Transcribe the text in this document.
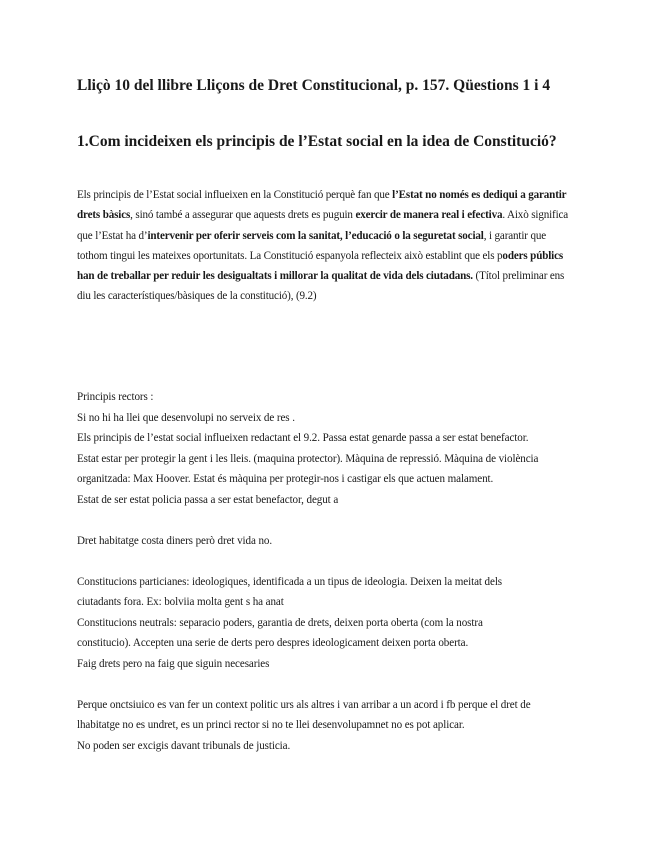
Lliçò 10 del llibre Lliçons de Dret Constitucional, p. 157. Qüestions 1 i 4
1.Com incideixen els principis de l’Estat social en la idea de Constitució?
Els principis de l’Estat social influeixen en la Constitució perquè fan que l’Estat no només es dediqui a garantir drets bàsics, sinó també a assegurar que aquests drets es puguin exercir de manera real i efectiva. Això significa que l’Estat ha d’intervenir per oferir serveis com la sanitat, l’educació o la seguretat social, i garantir que tothom tingui les mateixes oportunitats. La Constitució espanyola reflecteix això establint que els poders públics han de treballar per reduir les desigualtats i millorar la qualitat de vida dels ciutadans. (Títol preliminar ens diu les característiques/bàsiques de la constitució), (9.2)
Principis rectors :
Si no hi ha llei que desenvolupi no serveix de res .
Els principis de l’estat social influeixen redactant el 9.2. Passa estat genarde passa a ser estat benefactor.
Estat estar per protegir la gent i les lleis. (maquina protector). Màquina de repressió. Màquina de violència
organitzada: Max Hoover. Estat és màquina per protegir-nos i castigar els que actuen malament.
Estat de ser estat policia passa a ser estat benefactor, degut a
Dret habitatge costa diners però dret vida no.
Constitucions particianes: ideologiques, identificada a un tipus de ideologia. Deixen la meitat dels
ciutadants fora. Ex: bolviia molta gent s ha anat
Constitucions neutrals: separacio poders, garantia de drets, deixen porta oberta (com la nostra
constitucio). Accepten una serie de derts pero despres ideologicament deixen porta oberta.
Faig drets pero na faig que siguin necesaries
Perque onctsiuico es van fer un context politic urs als altres i van arribar a un acord i fb perque el dret de
lhabitatge no es undret, es un princi rector si no te llei desenvolupamnet no es pot aplicar.
No poden ser excigis davant tribunals de justicia.
